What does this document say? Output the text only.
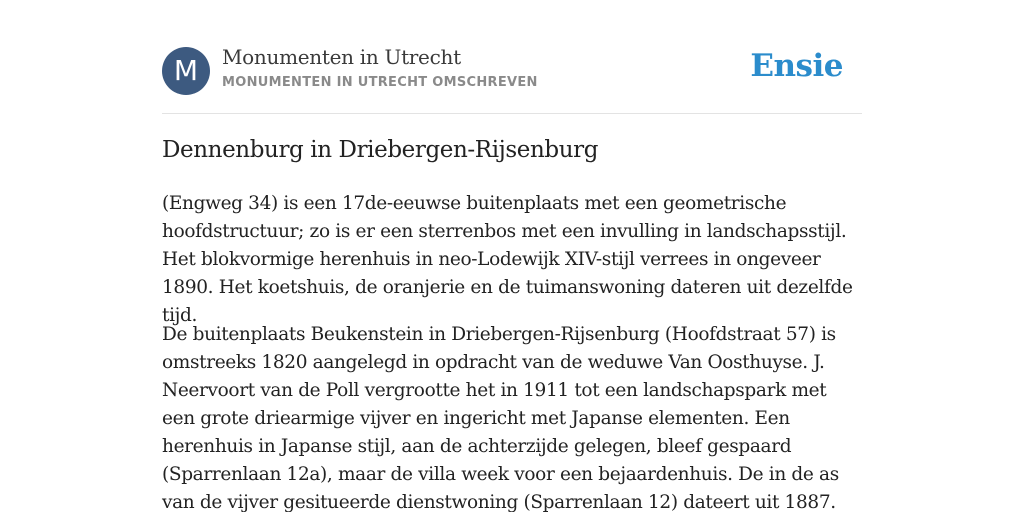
M	Monumenten in Utrecht
MONUMENTEN IN UTRECHT OMSCHREVEN	Ensie
Dennenburg in Driebergen-Rijsenburg

(Engweg 34) is een 17de-eeuwse buitenplaats met een geometrische hoofdstructuur; zo is er een sterrenbos met een invulling in landschapsstijl. Het blokvormige herenhuis in neo-Lodewijk XIV-stijl verrees in ongeveer 1890. Het koetshuis, de oranjerie en de tuimanswoning dateren uit dezelfde tijd.

De buitenplaats Beukenstein in Driebergen-Rijsenburg (Hoofdstraat 57) is omstreeks 1820 aangelegd in opdracht van de weduwe Van Oosthuyse. J. Neervoort van de Poll vergrootte het in 1911 tot een landschapspark met een grote driearmige vijver en ingericht met Japanse elementen. Een herenhuis in Japanse stijl, aan de achterzijde gelegen, bleef gespaard (Sparrenlaan 12a), maar de villa week voor een bejaardenhuis. De in de as van de vijver gesitueerde dienstwoning (Sparrenlaan 12) dateert uit 1887.
